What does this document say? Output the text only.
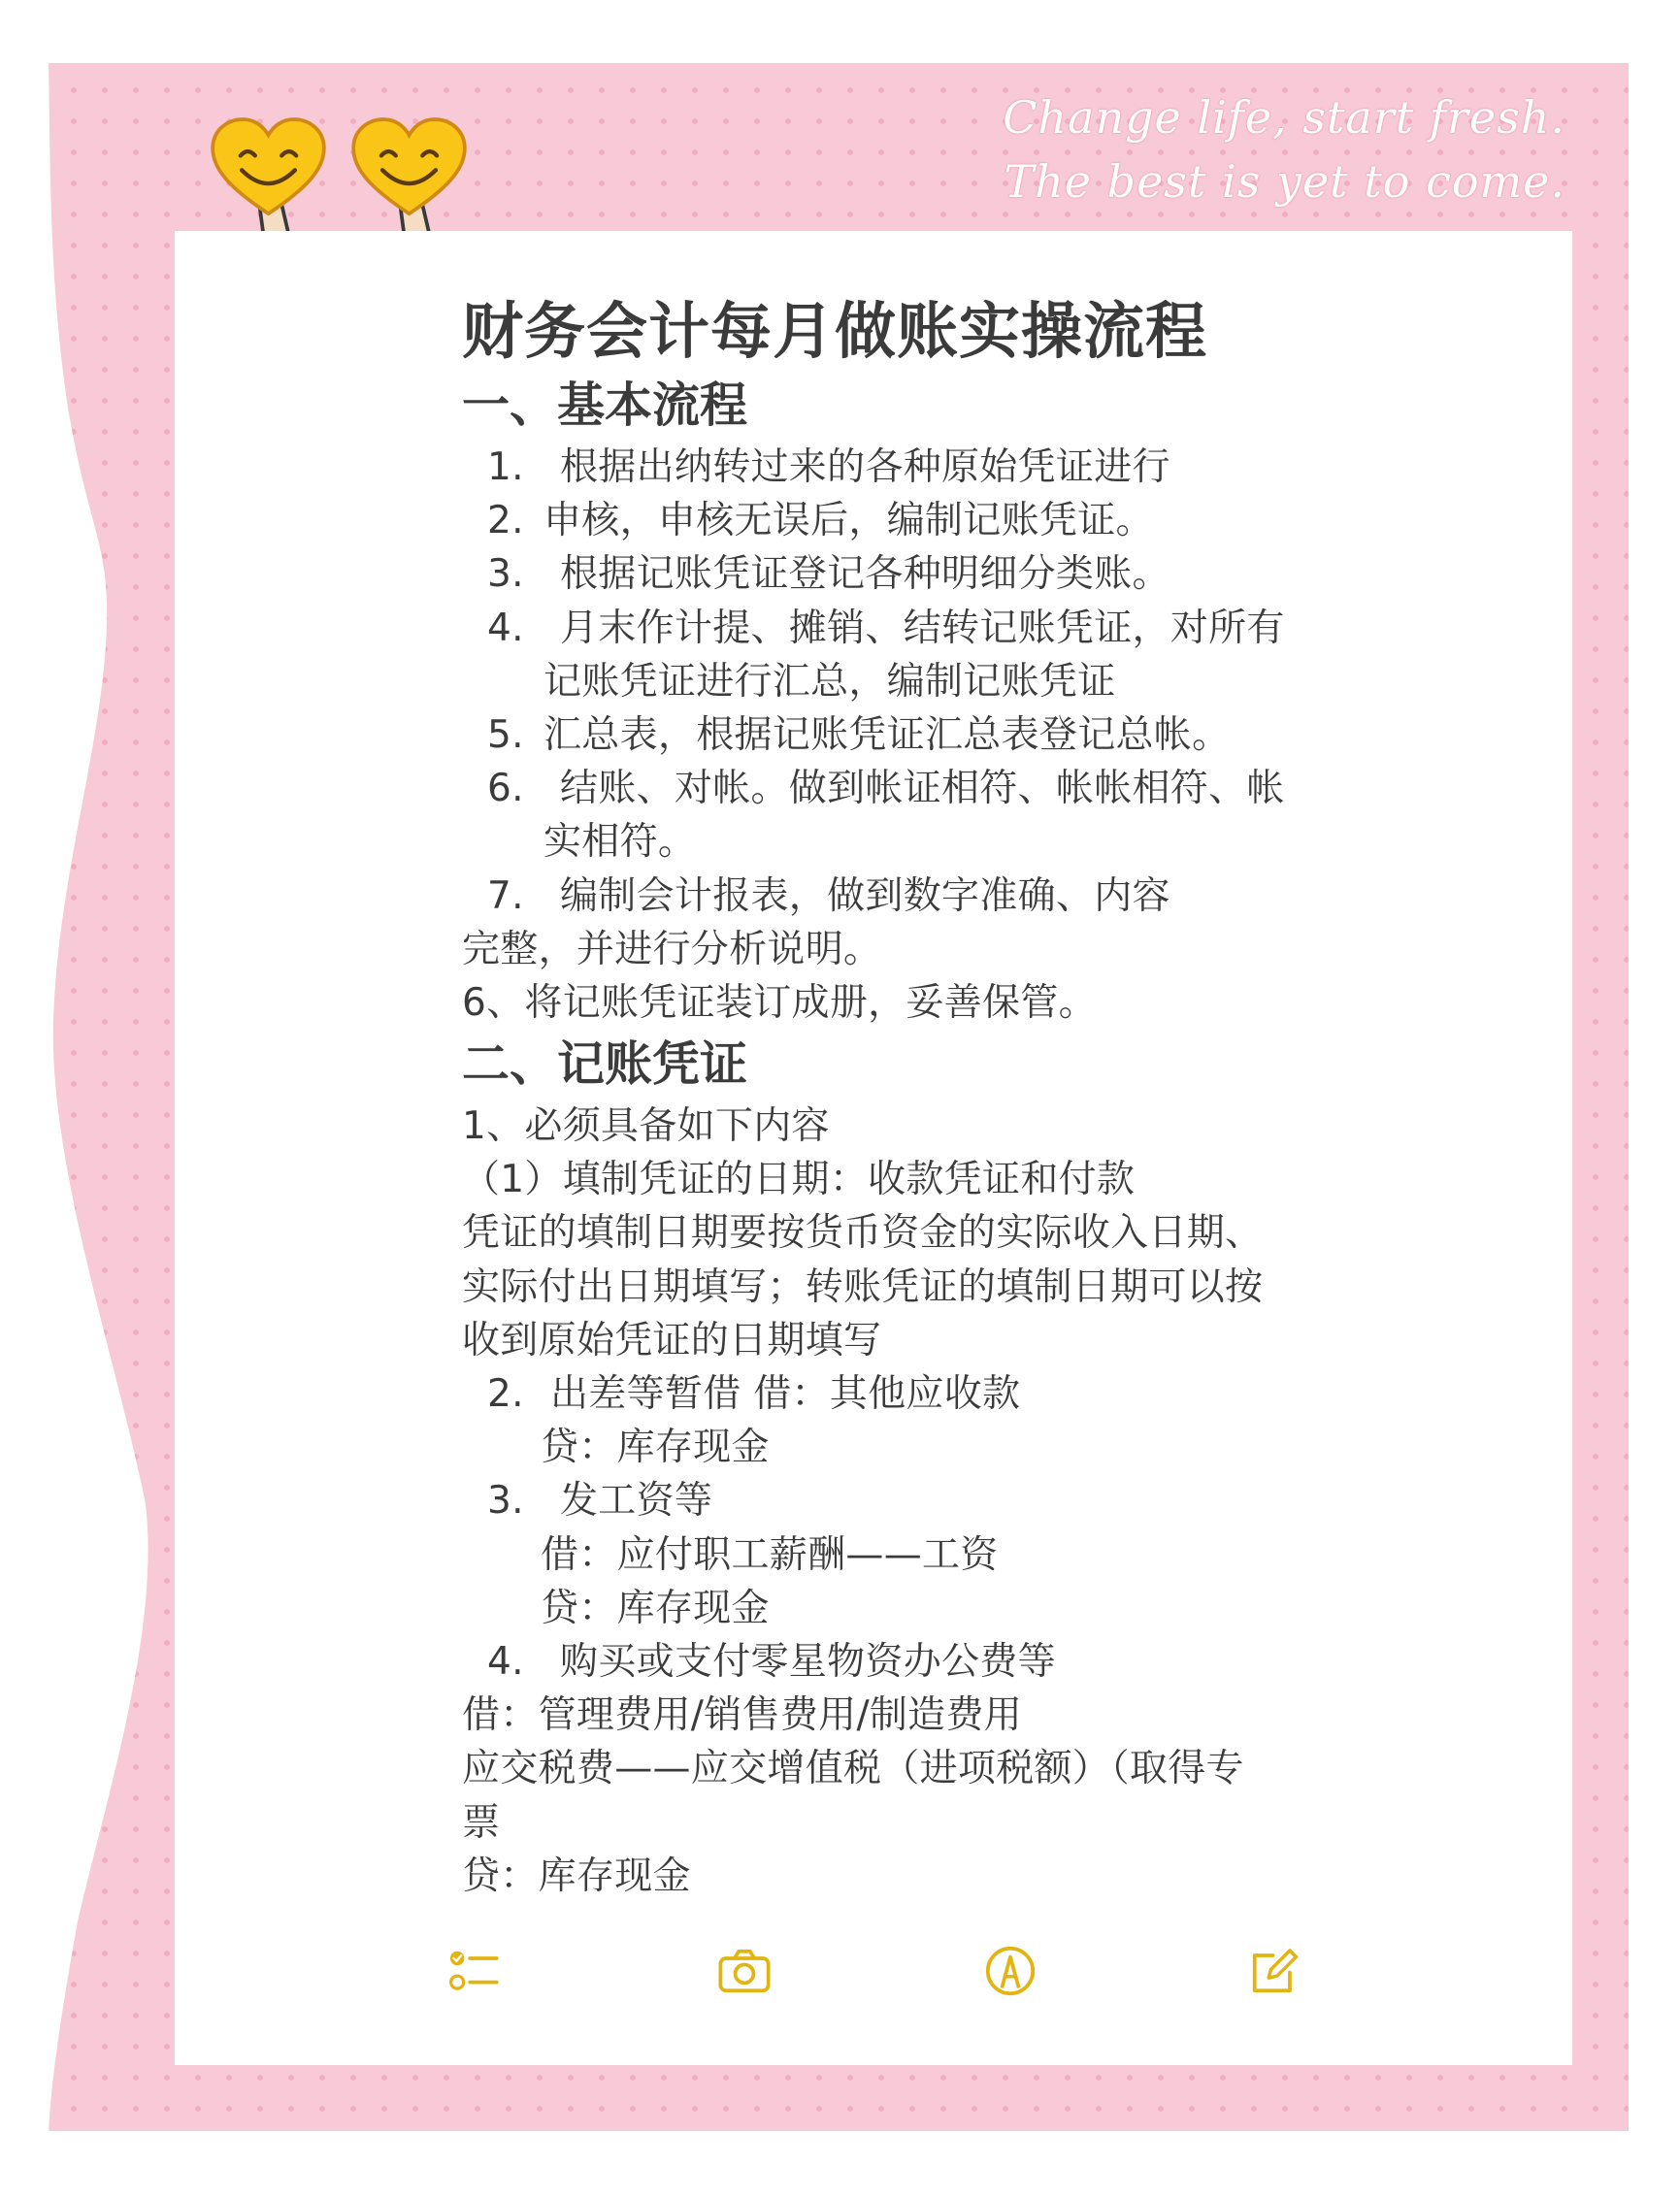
Change life, start fresh.
The best is yet to come.
财务会计每月做账实操流程
一、基本流程
1. 根据出纳转过来的各种原始凭证进行
2. 申核，申核无误后，编制记账凭证。
3. 根据记账凭证登记各种明细分类账。
4. 月末作计提、摊销、结转记账凭证，对所有
记账凭证进行汇总，编制记账凭证
5. 汇总表，根据记账凭证汇总表登记总帐。
6. 结账、对帐。做到帐证相符、帐帐相符、帐
实相符。
7. 编制会计报表，做到数字准确、内容
完整，并进行分析说明。
6、将记账凭证装订成册，妥善保管。
二、记账凭证
1、必须具备如下内容
（1）填制凭证的日期：收款凭证和付款
凭证的填制日期要按货币资金的实际收入日期、
实际付出日期填写；转账凭证的填制日期可以按
收到原始凭证的日期填写
2. 出差等暂借 借：其他应收款
贷：库存现金
3. 发工资等
借：应付职工薪酬——工资
贷：库存现金
4. 购买或支付零星物资办公费等
借：管理费用/销售费用/制造费用
应交税费——应交增值税（进项税额）（取得专
票
贷：库存现金
